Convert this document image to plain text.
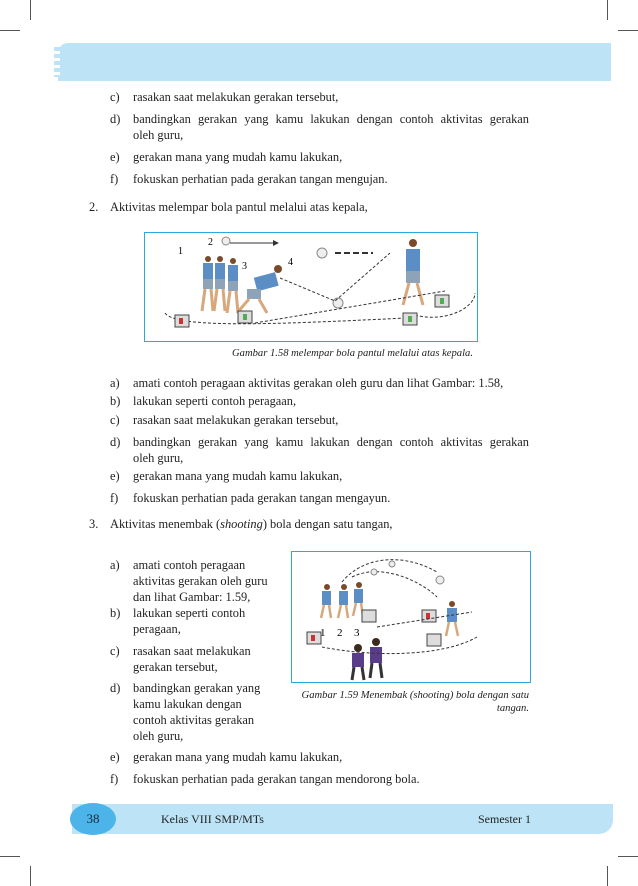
c) rasakan saat melakukan gerakan tersebut,
d) bandingkan gerakan yang kamu lakukan dengan contoh aktivitas gerakan
oleh guru,
e) gerakan mana yang mudah kamu lakukan,
f) fokuskan perhatian pada gerakan tangan mengujan.
2. Aktivitas melempar bola pantul melalui atas kepala,
1
2
3	4
Gambar 1.58 melempar bola pantul melalui atas kepala.
a) amati contoh peragaan aktivitas gerakan oleh guru dan lihat Gambar: 1.58,
b) lakukan seperti contoh peragaan,
c) rasakan saat melakukan gerakan tersebut,
d) bandingkan gerakan yang kamu lakukan dengan contoh aktivitas gerakan
oleh guru,
e) gerakan mana yang mudah kamu lakukan,
f) fokuskan perhatian pada gerakan tangan mengayun.
3. Aktivitas menembak (shooting) bola dengan satu tangan,
1 2 3
Gambar 1.59 Menembak (shooting) bola dengan satu
tangan.
a) amati contoh peragaan
aktivitas gerakan oleh guru
dan lihat Gambar: 1.59,
b) lakukan seperti contoh
peragaan,
c) rasakan saat melakukan
gerakan tersebut,
d) bandingkan gerakan yang
kamu lakukan dengan
contoh aktivitas gerakan
oleh guru,
e) gerakan mana yang mudah kamu lakukan,
f) fokuskan perhatian pada gerakan tangan mendorong bola.
38	Kelas VIII SMP/MTs	Semester 1
